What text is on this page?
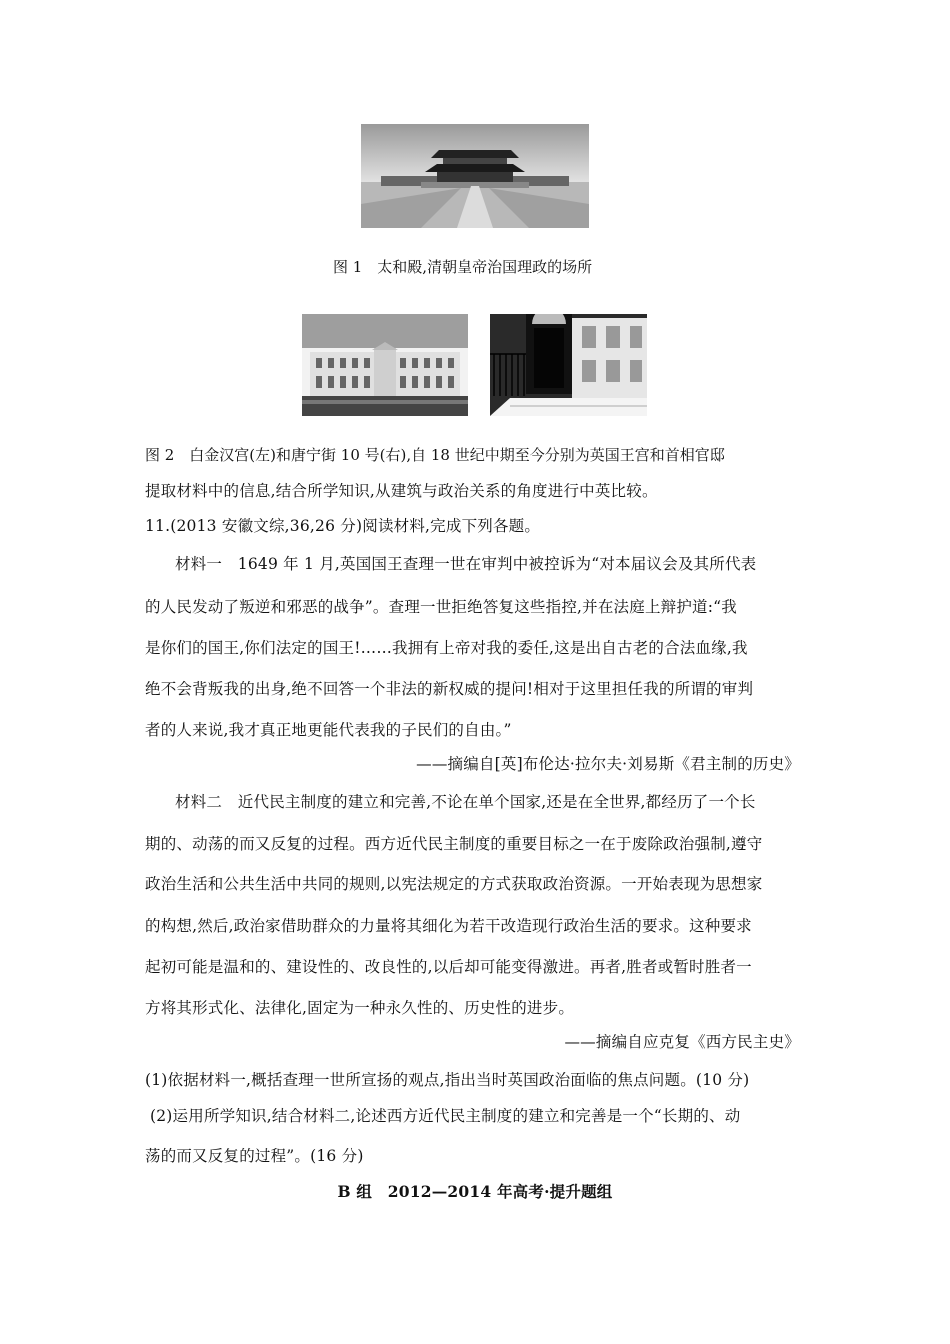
图 1　太和殿,清朝皇帝治国理政的场所
图 2　白金汉宫(左)和唐宁街 10 号(右),自 18 世纪中期至今分别为英国王宫和首相官邸
提取材料中的信息,结合所学知识,从建筑与政治关系的角度进行中英比较。
11.(2013 安徽文综,36,26 分)阅读材料,完成下列各题。
材料一　1649 年 1 月,英国国王查理一世在审判中被控诉为“对本届议会及其所代表
的人民发动了叛逆和邪恶的战争”。查理一世拒绝答复这些指控,并在法庭上辩护道:“我
是你们的国王,你们法定的国王!……我拥有上帝对我的委任,这是出自古老的合法血缘,我
绝不会背叛我的出身,绝不回答一个非法的新权威的提问!相对于这里担任我的所谓的审判
者的人来说,我才真正地更能代表我的子民们的自由。”
——摘编自[英]布伦达·拉尔夫·刘易斯《君主制的历史》
材料二　近代民主制度的建立和完善,不论在单个国家,还是在全世界,都经历了一个长
期的、动荡的而又反复的过程。西方近代民主制度的重要目标之一在于废除政治强制,遵守
政治生活和公共生活中共同的规则,以宪法规定的方式获取政治资源。一开始表现为思想家
的构想,然后,政治家借助群众的力量将其细化为若干改造现行政治生活的要求。这种要求
起初可能是温和的、建设性的、改良性的,以后却可能变得激进。再者,胜者或暂时胜者一
方将其形式化、法律化,固定为一种永久性的、历史性的进步。
——摘编自应克复《西方民主史》
(1)依据材料一,概括查理一世所宣扬的观点,指出当时英国政治面临的焦点问题。(10 分)
(2)运用所学知识,结合材料二,论述西方近代民主制度的建立和完善是一个“长期的、动
荡的而又反复的过程”。(16 分)
B 组　2012—2014 年高考·提升题组
